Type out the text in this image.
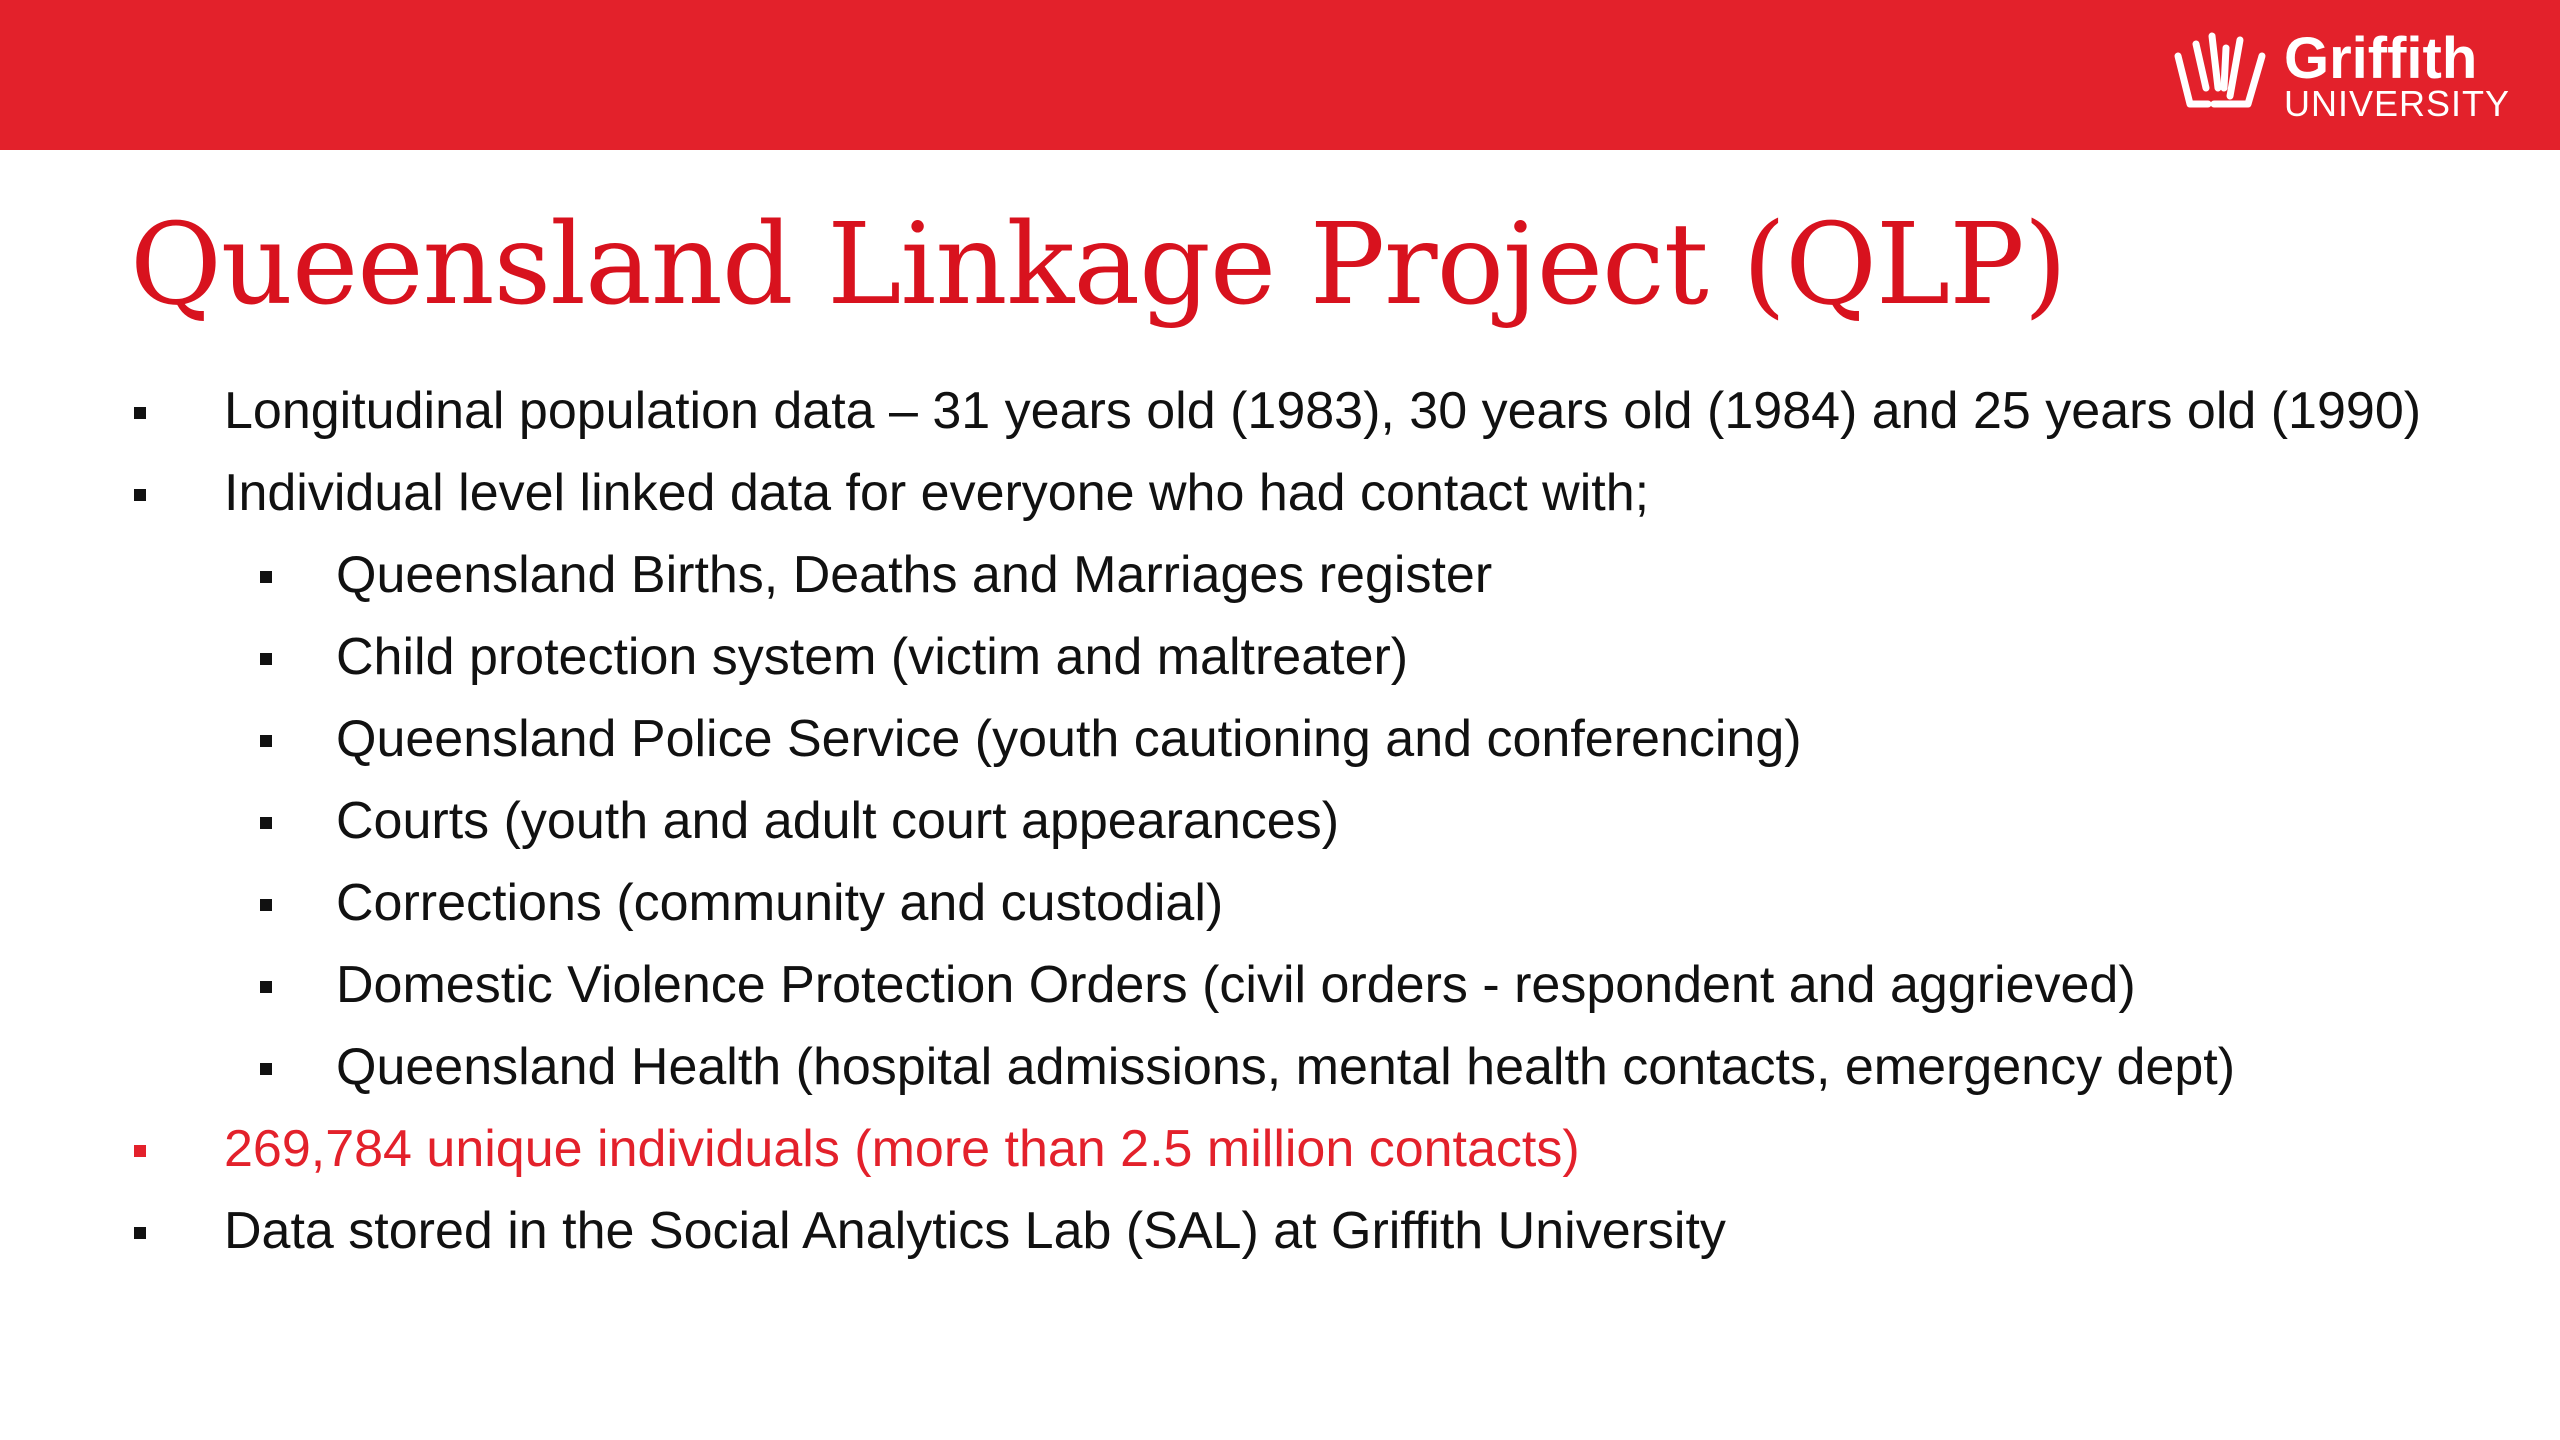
Griffith
UNIVERSITY
Queensland Linkage Project (QLP)
Longitudinal population data – 31 years old (1983), 30 years old (1984) and 25 years old (1990)
Individual level linked data for everyone who had contact with;
Queensland Births, Deaths and Marriages register
Child protection system (victim and maltreater)
Queensland Police Service (youth cautioning and conferencing)
Courts (youth and adult court appearances)
Corrections (community and custodial)
Domestic Violence Protection Orders (civil orders - respondent and aggrieved)
Queensland Health (hospital admissions, mental health contacts, emergency dept)
269,784 unique individuals (more than 2.5 million contacts)
Data stored in the Social Analytics Lab (SAL) at Griffith University
